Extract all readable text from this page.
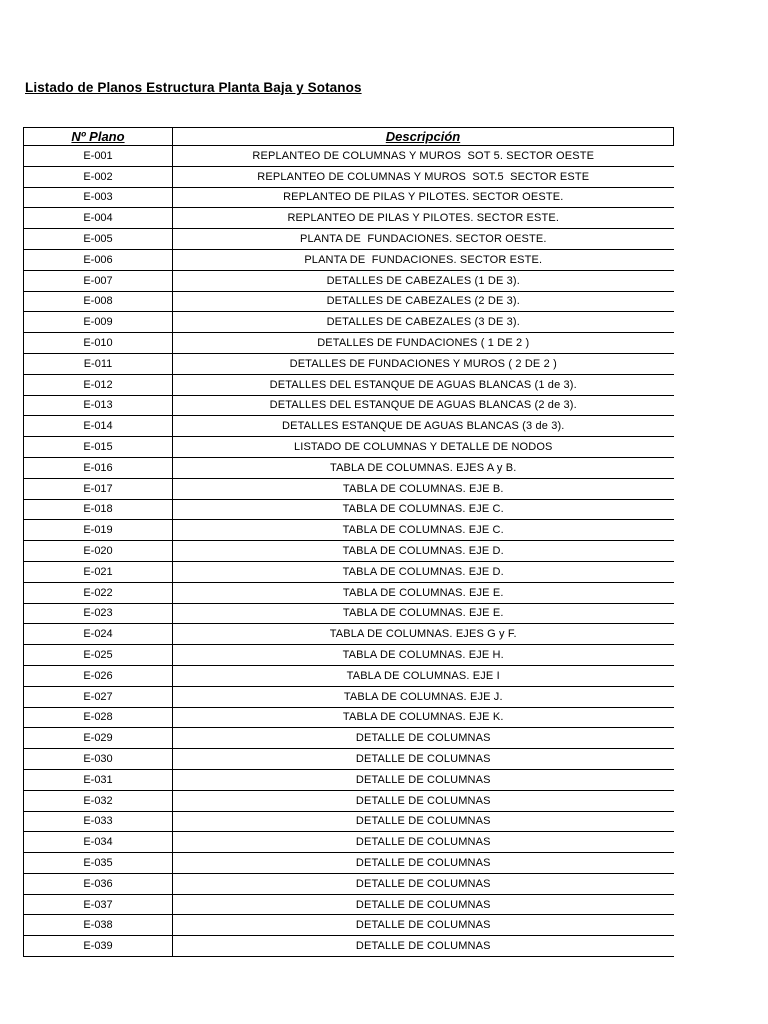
Listado de Planos Estructura Planta Baja y Sotanos
Nº Plano	Descripción
E-001	REPLANTEO DE COLUMNAS Y MUROS  SOT 5. SECTOR OESTE
E-002	REPLANTEO DE COLUMNAS Y MUROS  SOT.5  SECTOR ESTE
E-003	REPLANTEO DE PILAS Y PILOTES. SECTOR OESTE.
E-004	REPLANTEO DE PILAS Y PILOTES. SECTOR ESTE.
E-005	PLANTA DE  FUNDACIONES. SECTOR OESTE.
E-006	PLANTA DE  FUNDACIONES. SECTOR ESTE.
E-007	DETALLES DE CABEZALES (1 DE 3).
E-008	DETALLES DE CABEZALES (2 DE 3).
E-009	DETALLES DE CABEZALES (3 DE 3).
E-010	DETALLES DE FUNDACIONES ( 1 DE 2 )
E-011	DETALLES DE FUNDACIONES Y MUROS ( 2 DE 2 )
E-012	DETALLES DEL ESTANQUE DE AGUAS BLANCAS (1 de 3).
E-013	DETALLES DEL ESTANQUE DE AGUAS BLANCAS (2 de 3).
E-014	DETALLES ESTANQUE DE AGUAS BLANCAS (3 de 3).
E-015	LISTADO DE COLUMNAS Y DETALLE DE NODOS
E-016	TABLA DE COLUMNAS. EJES A y B.
E-017	TABLA DE COLUMNAS. EJE B.
E-018	TABLA DE COLUMNAS. EJE C.
E-019	TABLA DE COLUMNAS. EJE C.
E-020	TABLA DE COLUMNAS. EJE D.
E-021	TABLA DE COLUMNAS. EJE D.
E-022	TABLA DE COLUMNAS. EJE E.
E-023	TABLA DE COLUMNAS. EJE E.
E-024	TABLA DE COLUMNAS. EJES G y F.
E-025	TABLA DE COLUMNAS. EJE H.
E-026	TABLA DE COLUMNAS. EJE I
E-027	TABLA DE COLUMNAS. EJE J.
E-028	TABLA DE COLUMNAS. EJE K.
E-029	DETALLE DE COLUMNAS
E-030	DETALLE DE COLUMNAS
E-031	DETALLE DE COLUMNAS
E-032	DETALLE DE COLUMNAS
E-033	DETALLE DE COLUMNAS
E-034	DETALLE DE COLUMNAS
E-035	DETALLE DE COLUMNAS
E-036	DETALLE DE COLUMNAS
E-037	DETALLE DE COLUMNAS
E-038	DETALLE DE COLUMNAS
E-039	DETALLE DE COLUMNAS
